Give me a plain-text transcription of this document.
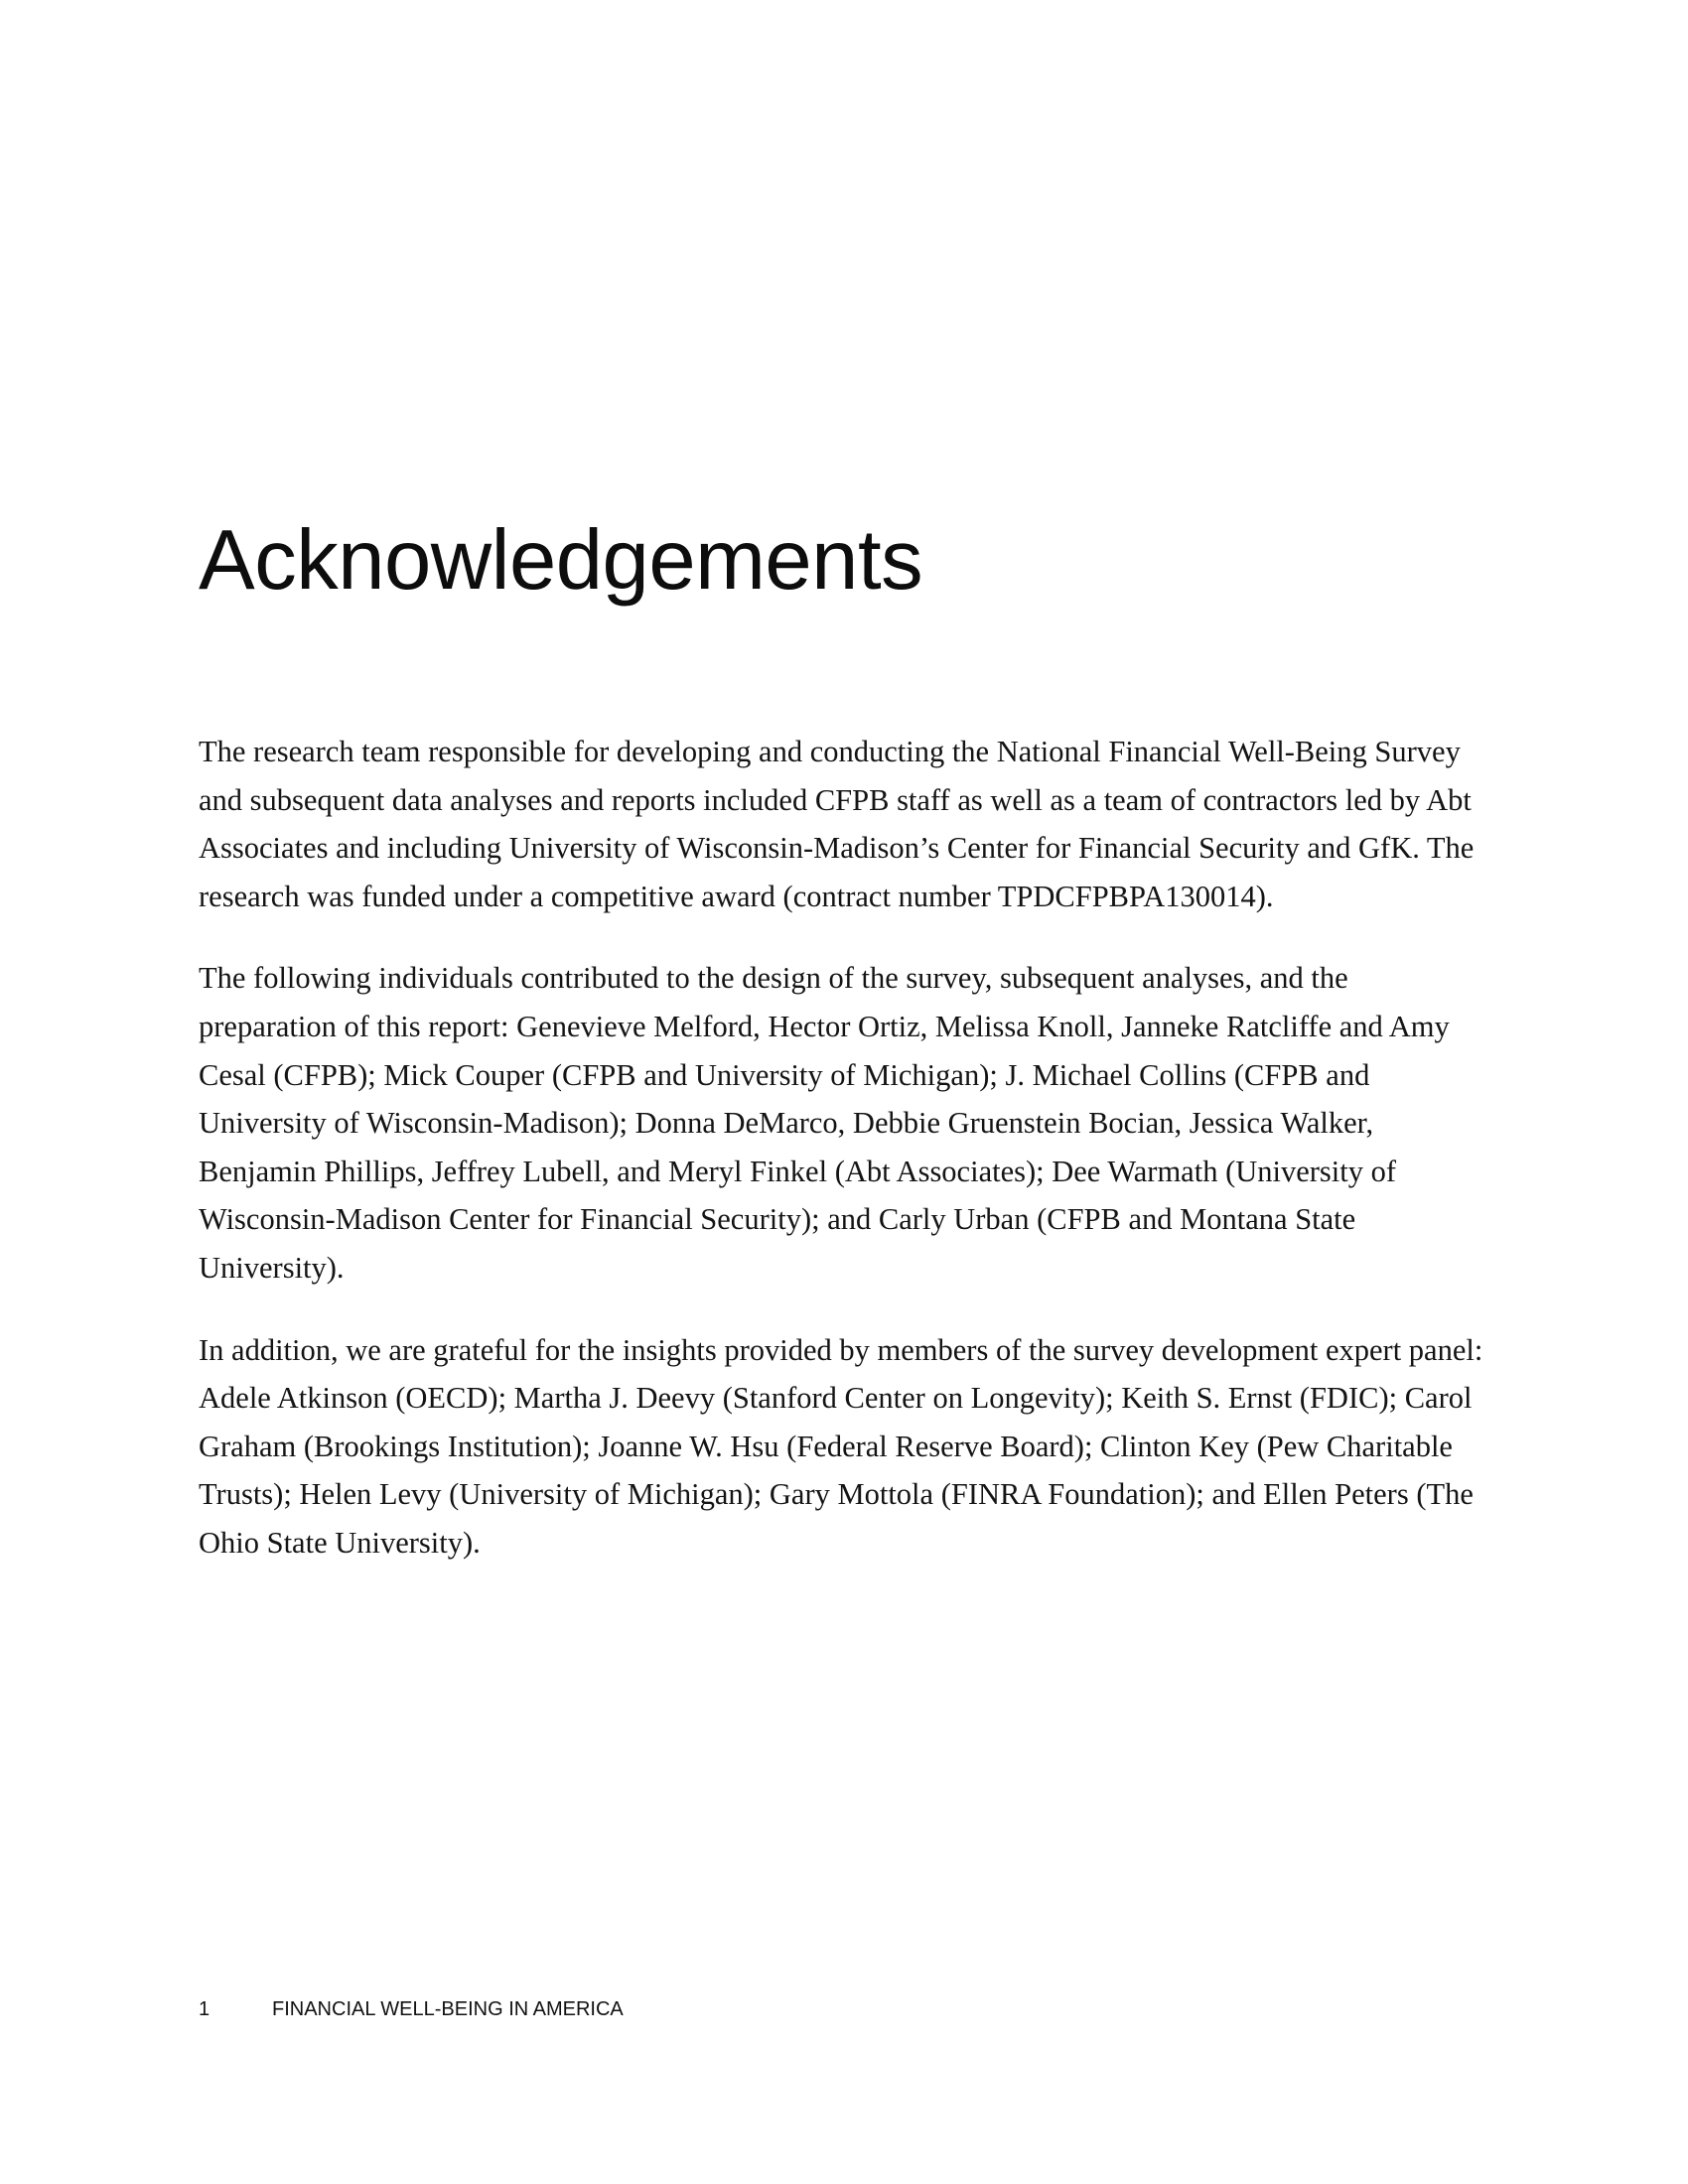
Acknowledgements

The research team responsible for developing and conducting the National Financial Well-Being Survey and subsequent data analyses and reports included CFPB staff as well as a team of contractors led by Abt Associates and including University of Wisconsin-Madison’s Center for Financial Security and GfK. The research was funded under a competitive award (contract number TPDCFPBPA130014).

The following individuals contributed to the design of the survey, subsequent analyses, and the preparation of this report: Genevieve Melford, Hector Ortiz, Melissa Knoll, Janneke Ratcliffe and Amy Cesal (CFPB); Mick Couper (CFPB and University of Michigan); J. Michael Collins (CFPB and University of Wisconsin-Madison); Donna DeMarco, Debbie Gruenstein Bocian, Jessica Walker, Benjamin Phillips, Jeffrey Lubell, and Meryl Finkel (Abt Associates); Dee Warmath (University of Wisconsin-Madison Center for Financial Security); and Carly Urban (CFPB and Montana State University).

In addition, we are grateful for the insights provided by members of the survey development expert panel: Adele Atkinson (OECD); Martha J. Deevy (Stanford Center on Longevity); Keith S. Ernst (FDIC); Carol Graham (Brookings Institution); Joanne W. Hsu (Federal Reserve Board); Clinton Key (Pew Charitable Trusts); Helen Levy (University of Michigan); Gary Mottola (FINRA Foundation); and Ellen Peters (The Ohio State University).

1	FINANCIAL WELL-BEING IN AMERICA
